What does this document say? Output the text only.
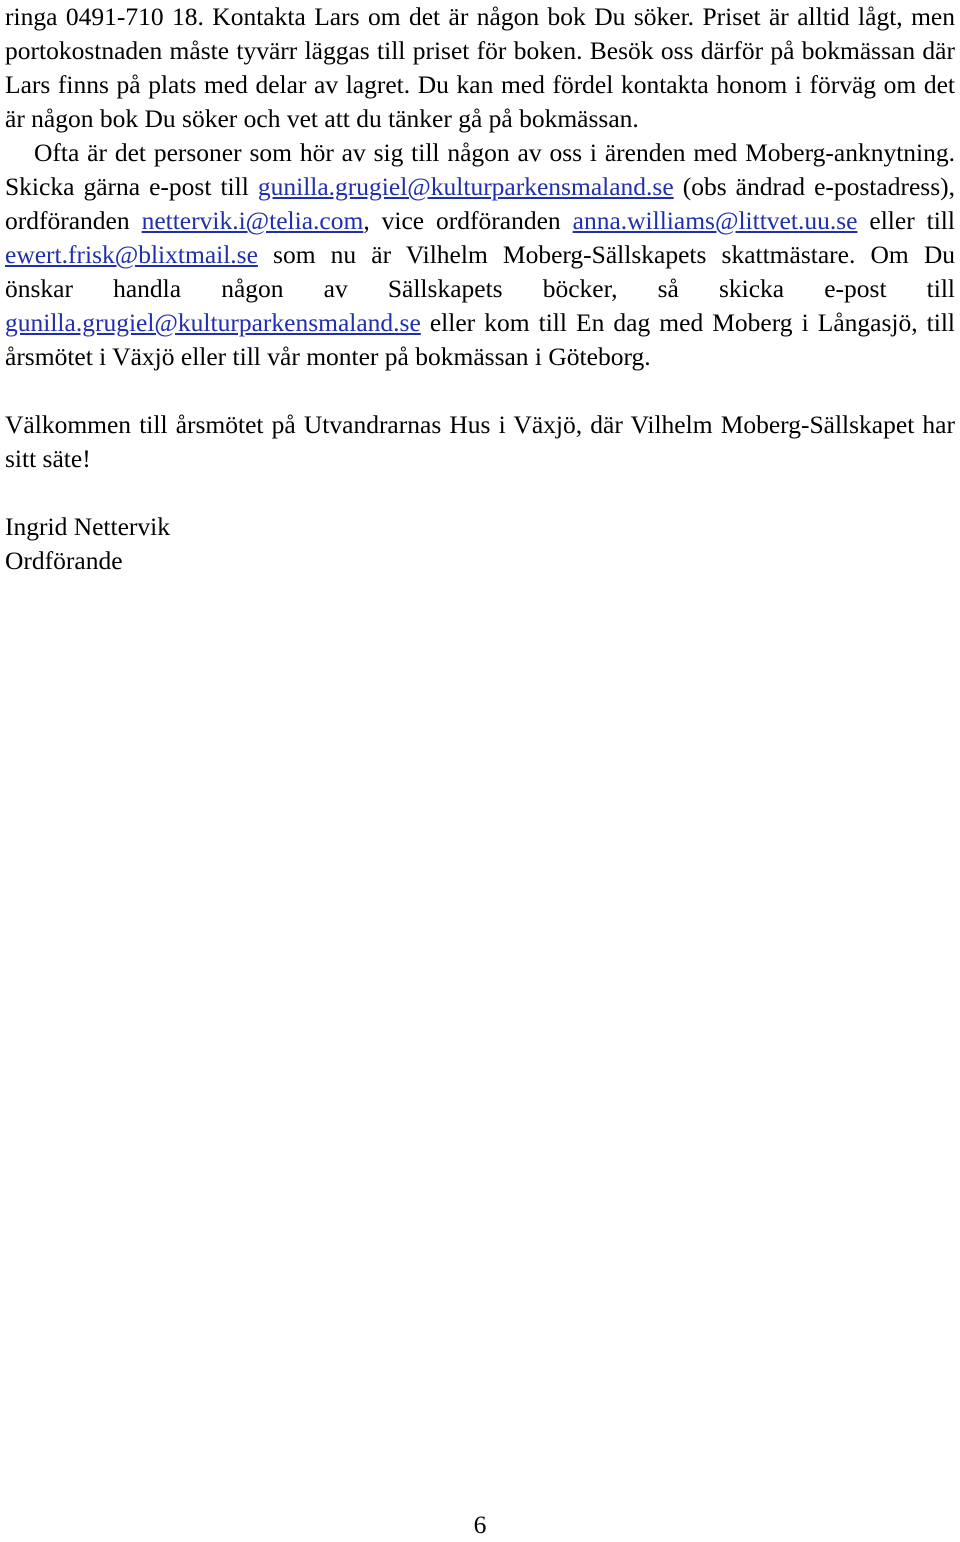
ringa 0491-710 18. Kontakta Lars om det är någon bok Du söker. Priset är alltid lågt, men portokostnaden måste tyvärr läggas till priset för boken. Besök oss därför på bokmässan där Lars finns på plats med delar av lagret. Du kan med fördel kontakta honom i förväg om det är någon bok Du söker och vet att du tänker gå på bokmässan.

Ofta är det personer som hör av sig till någon av oss i ärenden med Moberg-anknytning. Skicka gärna e-post till gunilla.grugiel@kulturparkensmaland.se (obs ändrad e-postadress), ordföranden nettervik.i@telia.com, vice ordföranden anna.williams@littvet.uu.se eller till ewert.frisk@blixtmail.se som nu är Vilhelm Moberg-Sällskapets skattmästare. Om Du önskar handla någon av Sällskapets böcker, så skicka e-post till gunilla.grugiel@kulturparkensmaland.se eller kom till En dag med Moberg i Långasjö, till årsmötet i Växjö eller till vår monter på bokmässan i Göteborg.

Välkommen till årsmötet på Utvandrarnas Hus i Växjö, där Vilhelm Moberg-Sällskapet har sitt säte!

Ingrid Nettervik

Ordförande

6
